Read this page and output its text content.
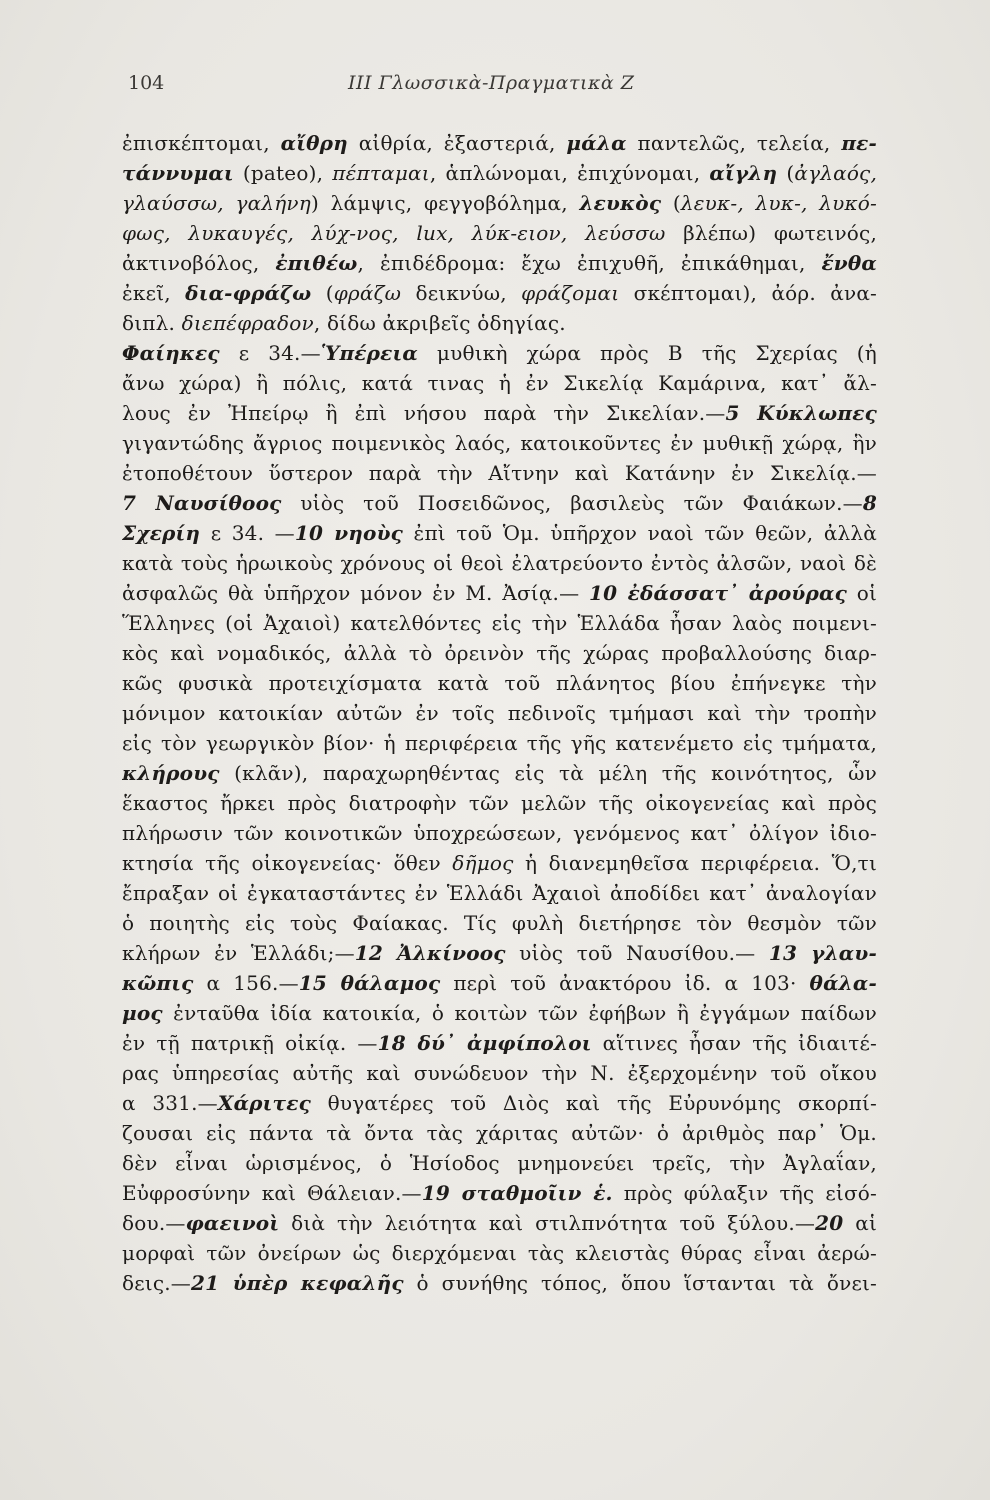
104	III Γλωσσικὰ-Πραγματικὰ Ζ
ἐπισκέπτομαι, αἴθρη αἰθρία, ἐξαστεριά, μάλα παντελῶς, τελεία, πε-
τάννυμαι (pateo), πέπταμαι, ἁπλώνομαι, ἐπιχύνομαι, αἴγλη (ἀγλαός,
γλαύσσω, γαλήνη) λάμψις, φεγγοβόλημα, λευκὸς (λευκ-, λυκ-, λυκό-
φως, λυκαυγές, λύχ-νος, lux, λύκ-ειον, λεύσσω βλέπω) φωτεινός,
ἀκτινοβόλος, ἐπιθέω, ἐπιδέδρομα: ἔχω ἐπιχυθῆ, ἐπικάθημαι, ἔνθα
ἐκεῖ, δια-φράζω (φράζω δεικνύω, φράζομαι σκέπτομαι), ἀόρ. ἀνα-
διπλ. διεπέφραδον, δίδω ἀκριβεῖς ὁδηγίας.
Φαίηκες ε 34.—Ὑπέρεια μυθικὴ χώρα πρὸς Β τῆς Σχερίας (ἡ
ἄνω χώρα) ἢ πόλις, κατά τινας ἡ ἐν Σικελίᾳ Καμάρινα, κατ᾽ ἄλ-
λους ἐν Ἠπείρῳ ἢ ἐπὶ νήσου παρὰ τὴν Σικελίαν.—5 Κύκλωπες
γιγαντώδης ἄγριος ποιμενικὸς λαός, κατοικοῦντες ἐν μυθικῇ χώρᾳ, ἣν
ἐτοποθέτουν ὕστερον παρὰ τὴν Αἴτνην καὶ Κατάνην ἐν Σικελίᾳ.—
7 Ναυσίθοος υἱὸς τοῦ Ποσειδῶνος, βασιλεὺς τῶν Φαιάκων.—8
Σχερίη ε 34. —10 νηοὺς ἐπὶ τοῦ Ὁμ. ὑπῆρχον ναοὶ τῶν θεῶν, ἀλλὰ
κατὰ τοὺς ἡρωικοὺς χρόνους οἱ θεοὶ ἐλατρεύοντο ἐντὸς ἀλσῶν, ναοὶ δὲ
ἀσφαλῶς θὰ ὑπῆρχον μόνον ἐν Μ. Ἀσίᾳ.— 10 ἐδάσσατ᾽ ἀρούρας οἱ
Ἕλληνες (οἱ Ἀχαιοὶ) κατελθόντες εἰς τὴν Ἑλλάδα ἦσαν λαὸς ποιμενι-
κὸς καὶ νομαδικός, ἀλλὰ τὸ ὀρεινὸν τῆς χώρας προβαλλούσης διαρ-
κῶς φυσικὰ προτειχίσματα κατὰ τοῦ πλάνητος βίου ἐπήνεγκε τὴν
μόνιμον κατοικίαν αὐτῶν ἐν τοῖς πεδινοῖς τμήμασι καὶ τὴν τροπὴν
εἰς τὸν γεωργικὸν βίον· ἡ περιφέρεια τῆς γῆς κατενέμετο εἰς τμήματα,
κλήρους (κλᾶν), παραχωρηθέντας εἰς τὰ μέλη τῆς κοινότητος, ὧν
ἕκαστος ἤρκει πρὸς διατροφὴν τῶν μελῶν τῆς οἰκογενείας καὶ πρὸς
πλήρωσιν τῶν κοινοτικῶν ὑποχρεώσεων, γενόμενος κατ᾽ ὀλίγον ἰδιο-
κτησία τῆς οἰκογενείας· ὅθεν δῆμος ἡ διανεμηθεῖσα περιφέρεια. Ὅ,τι
ἔπραξαν οἱ ἐγκαταστάντες ἐν Ἑλλάδι Ἀχαιοὶ ἀποδίδει κατ᾽ ἀναλογίαν
ὁ ποιητὴς εἰς τοὺς Φαίακας. Τίς φυλὴ διετήρησε τὸν θεσμὸν τῶν
κλήρων ἐν Ἑλλάδι;—12 Ἀλκίνοος υἱὸς τοῦ Ναυσίθου.— 13 γλαυ-
κῶπις α 156.—15 θάλαμος περὶ τοῦ ἀνακτόρου ἰδ. α 103· θάλα-
μος ἐνταῦθα ἰδία κατοικία, ὁ κοιτὼν τῶν ἐφήβων ἢ ἐγγάμων παίδων
ἐν τῇ πατρικῇ οἰκίᾳ. —18 δύ᾽ ἀμφίπολοι αἵτινες ἦσαν τῆς ἰδιαιτέ-
ρας ὑπηρεσίας αὐτῆς καὶ συνώδευον τὴν Ν. ἐξερχομένην τοῦ οἴκου
α 331.—Χάριτες θυγατέρες τοῦ Διὸς καὶ τῆς Εὐρυνόμης σκορπί-
ζουσαι εἰς πάντα τὰ ὄντα τὰς χάριτας αὐτῶν· ὁ ἀριθμὸς παρ᾽ Ὁμ.
δὲν εἶναι ὡρισμένος, ὁ Ἡσίοδος μνημονεύει τρεῖς, τὴν Ἀγλαΐαν,
Εὐφροσύνην καὶ Θάλειαν.—19 σταθμοῖιν ἑ. πρὸς φύλαξιν τῆς εἰσό-
δου.—φαεινοὶ διὰ τὴν λειότητα καὶ στιλπνότητα τοῦ ξύλου.—20 αἱ
μορφαὶ τῶν ὀνείρων ὡς διερχόμεναι τὰς κλειστὰς θύρας εἶναι ἀερώ-
δεις.—21 ὑπὲρ κεφαλῆς ὁ συνήθης τόπος, ὅπου ἵστανται τὰ ὄνει-
